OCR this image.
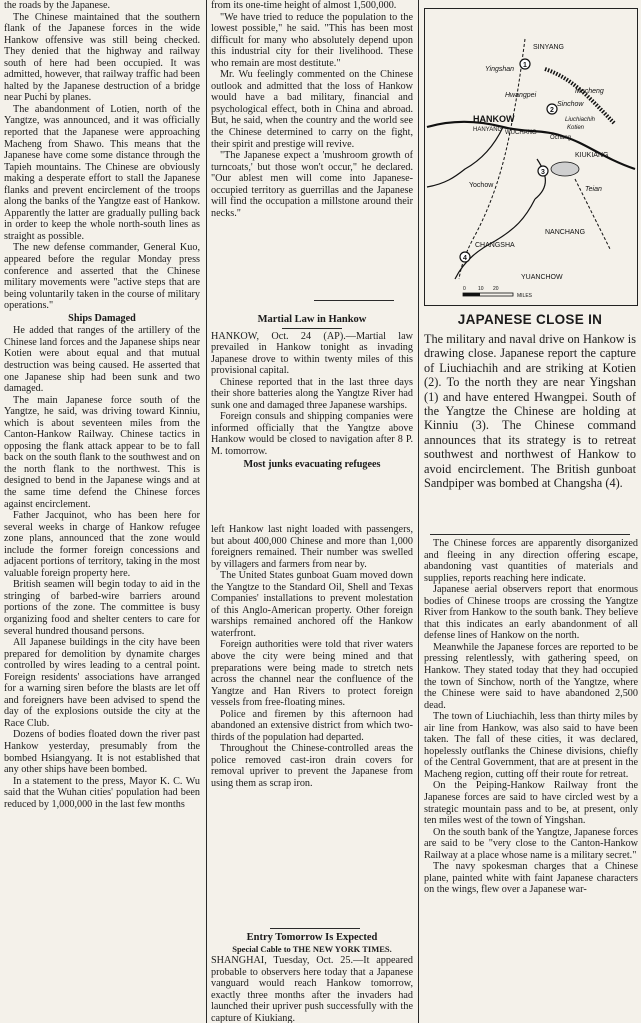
the roads by the Japanese.

The Chinese maintained that the southern flank of the Japanese forces in the wide Hankow offensive was still being checked. They denied that the highway and railway south of here had been occupied. It was admitted, however, that railway traffic had been halted by the Japanese destruction of a bridge near Puchi by planes.

The abandonment of Lotien, north of the Yangtze, was announced, and it was officially reported that the Japanese were approaching Macheng from Shawo. This means that the Japanese have come some distance through the Tapieh mountains. The Chinese are obviously making a desperate effort to stall the Japanese flanks and prevent encirclement of the troops along the banks of the Yangtze east of Hankow. Apparently the latter are gradually pulling back in order to keep the whole north-south lines as straight as possible.

The new defense commander, General Kuo, appeared before the regular Monday press conference and asserted that the Chinese military movements were "active steps that are being voluntarily taken in the course of military operations."

Ships Damaged

He added that ranges of the artillery of the Chinese land forces and the Japanese ships near Kotien were about equal and that mutual destruction was being caused. He asserted that one Japanese ship had been sunk and two damaged.

The main Japanese force south of the Yangtze, he said, was driving toward Kinniu, which is about seventeen miles from the Canton-Hankow Railway. Chinese tactics in opposing the flank attack appear to be to fall back on the south flank to the southwest and on the north flank to the northwest. This is designed to bend in the Japanese wings and at the same time defend the Chinese forces against encirclement.

Father Jacquinot, who has been here for several weeks in charge of Hankow refugee zone plans, announced that the zone would include the former foreign concessions and adjacent portions of territory, taking in the most valuable foreign property here.

British seamen will begin today to aid in the stringing of barbed-wire barriers around portions of the zone. The committee is busy organizing food and shelter centers to care for several hundred thousand persons.

All Japanese buildings in the city have been prepared for demolition by dynamite charges controlled by wires leading to a central point. Foreign residents' associations have arranged for a warning siren before the blasts are let off and foreigners have been advised to spend the day of the explosions outside the city at the Race Club.

Dozens of bodies floated down the river past Hankow yesterday, presumably from the bombed Hsiangyang. It is not established that any other ships have been bombed.

In a statement to the press, Mayor K. C. Wu said that the Wuhan cities' population had been reduced by 1,000,000 in the last few months

from its one-time height of almost 1,500,000.

"We have tried to reduce the population to the lowest possible," he said. "This has been most difficult for many who absolutely depend upon this industrial city for their livelihood. These who remain are most destitute."

Mr. Wu feelingly commented on the Chinese outlook and admitted that the loss of Hankow would have a bad military, financial and psychological effect, both in China and abroad. But, he said, when the country and the world see the Chinese determined to carry on the fight, their spirit and prestige will revive.

"The Japanese expect a 'mushroom growth of turncoats,' but those won't occur," he declared. "Our ablest men will come into Japanese-occupied territory as guerrillas and the Japanese will find the occupation a millstone around their necks."

Martial Law in Hankow

HANKOW, Oct. 24 (AP).—Martial law prevailed in Hankow tonight as invading Japanese drove to within twenty miles of this provisional capital.

Chinese reported that in the last three days their shore batteries along the Yangtze River had sunk one and damaged three Japanese warships.

Foreign consuls and shipping companies were informed officially that the Yangtze above Hankow would be closed to navigation after 8 P. M. tomorrow.

Most junks evacuating refugees

left Hankow last night loaded with passengers, but about 400,000 Chinese and more than 1,000 foreigners remained. Their number was swelled by villagers and farmers from near by.

The United States gunboat Guam moved down the Yangtze to the Standard Oil, Shell and Texas Companies' installations to prevent molestation of this Anglo-American property. Other foreign warships remained anchored off the Hankow waterfront.

Foreign authorities were told that river waters above the city were being mined and that preparations were being made to stretch nets across the channel near the confluence of the Yangtze and Han Rivers to protect foreign vessels from free-floating mines.

Police and firemen by this afternoon had abandoned an extensive district from which two-thirds of the population had departed.

Throughout the Chinese-controlled areas the police removed cast-iron drain covers for removal upriver to prevent the Japanese from using them as scrap iron.

Entry Tomorrow Is Expected
Special Cable to THE NEW YORK TIMES.

SHANGHAI, Tuesday, Oct. 25.—It appeared probable to observers here today that a Japanese vanguard would reach Hankow tomorrow, exactly three months after the invaders had launched their upriver push successfully with the capture of Kiukiang.

1
2
3
4
SINYANG
Yingshan
Hwangpei
Macheng
Sinchow
HANKOW
HANYANG WUCHANG
Liuchiachih
Kotien
Ochang
Yochow
KIUKIANG
Teian
NANCHANG
CHANGSHA
YUANCHOW
0 10 20
MILES
JAPANESE CLOSE IN
The military and naval drive on Hankow is drawing close. Japanese report the capture of Liuchiachih and are striking at Kotien (2). To the north they are near Yingshan (1) and have entered Hwangpei. South of the Yangtze the Chinese are holding at Kinniu (3). The Chinese command announces that its strategy is to retreat southwest and northwest of Hankow to avoid encirclement. The British gunboat Sandpiper was bombed at Changsha (4).

The Chinese forces are apparently disorganized and fleeing in any direction offering escape, abandoning vast quantities of materials and supplies, reports reaching here indicate.

Japanese aerial observers report that enormous bodies of Chinese troops are crossing the Yangtze River from Hankow to the south bank. They believe that this indicates an early abandonment of all defense lines of Hankow on the north.

Meanwhile the Japanese forces are reported to be pressing relentlessly, with gathering speed, on Hankow. They stated today that they had occupied the town of Sinchow, north of the Yangtze, where the Chinese were said to have abandoned 2,500 dead.

The town of Liuchiachih, less than thirty miles by air line from Hankow, was also said to have been taken. The fall of these cities, it was declared, hopelessly outflanks the Chinese divisions, chiefly of the Central Government, that are at present in the Macheng region, cutting off their route for retreat.

On the Peiping-Hankow Railway front the Japanese forces are said to have circled west by a strategic mountain pass and to be, at present, only ten miles west of the town of Yingshan.

On the south bank of the Yangtze, Japanese forces are said to be "very close to the Canton-Hankow Railway at a place whose name is a military secret."

The navy spokesman charges that a Chinese plane, painted white with faint Japanese characters on the wings, flew over a Japanese war-
